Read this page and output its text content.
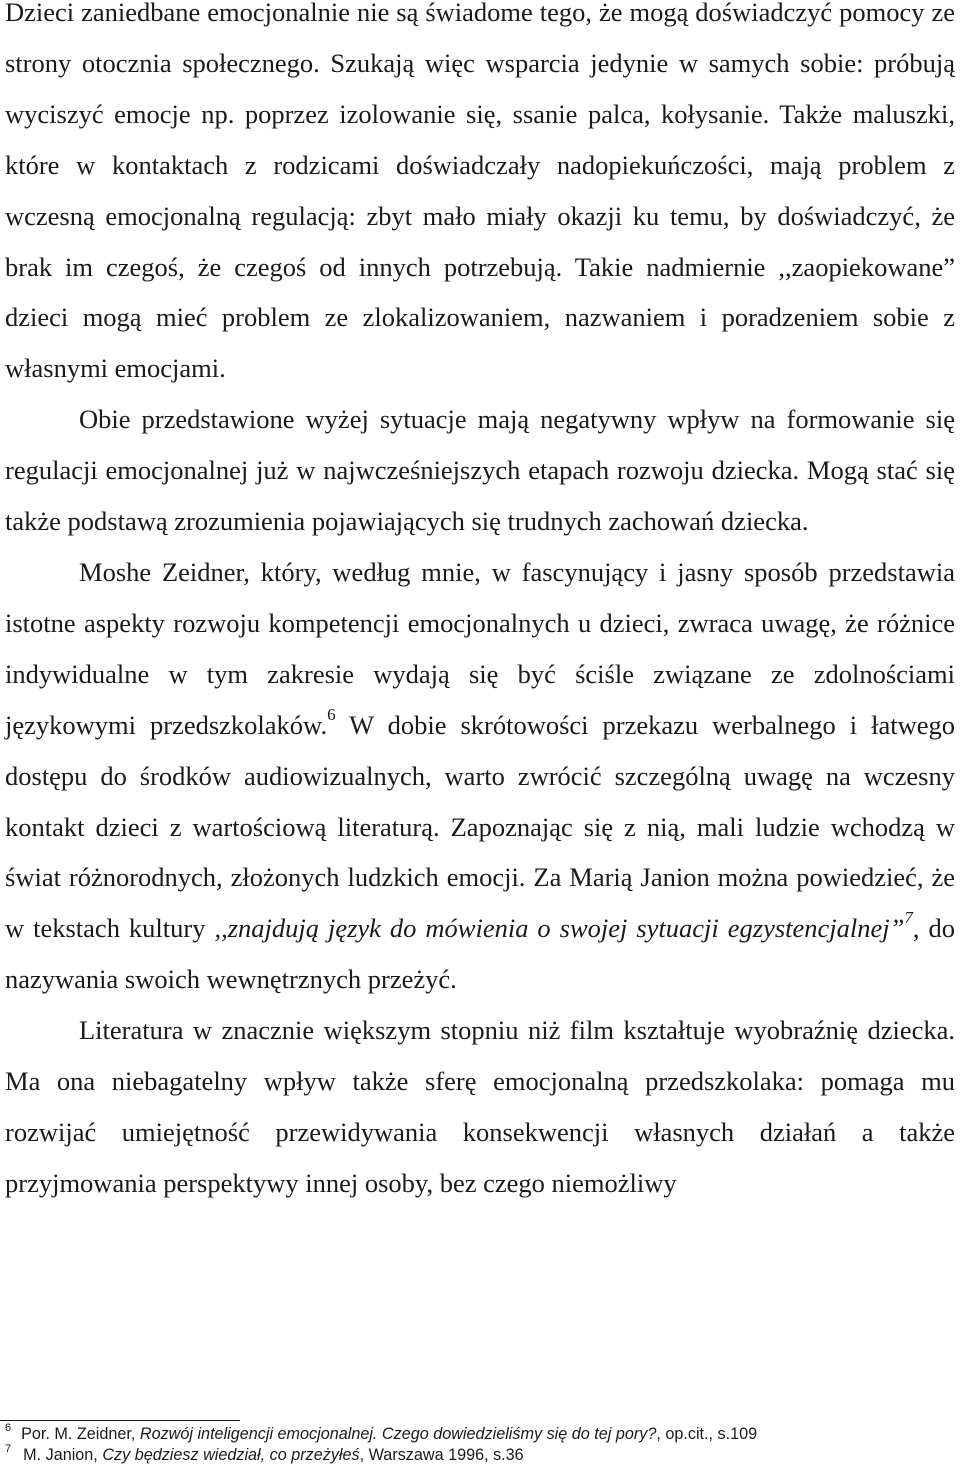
Dzieci zaniedbane emocjonalnie nie są świadome tego, że mogą doświadczyć pomocy ze strony otocznia społecznego. Szukają więc wsparcia jedynie w samych sobie: próbują wyciszyć emocje np. poprzez izolowanie się, ssanie palca, kołysanie. Także maluszki, które w kontaktach z rodzicami doświadczały nadopiekuńczości, mają problem z wczesną emocjonalną regulacją: zbyt mało miały okazji ku temu, by doświadczyć, że brak im czegoś, że czegoś od innych potrzebują. Takie nadmiernie ,,zaopiekowane” dzieci mogą mieć problem ze zlokalizowaniem, nazwaniem i poradzeniem sobie z własnymi emocjami.

Obie przedstawione wyżej sytuacje mają negatywny wpływ na formowanie się regulacji emocjonalnej już w najwcześniejszych etapach rozwoju dziecka. Mogą stać się także podstawą zrozumienia pojawiających się trudnych zachowań dziecka.

Moshe Zeidner, który, według mnie, w fascynujący i jasny sposób przedstawia istotne aspekty rozwoju kompetencji emocjonalnych u dzieci, zwraca uwagę, że różnice indywidualne w tym zakresie wydają się być ściśle związane ze zdolnościami językowymi przedszkolaków.$^6$ W dobie skrótowości przekazu werbalnego i łatwego dostępu do środków audiowizualnych, warto zwrócić szczególną uwagę na wczesny kontakt dzieci z wartościową literaturą. Zapoznając się z nią, mali ludzie wchodzą w świat różnorodnych, złożonych ludzkich emocji. Za Marią Janion można powiedzieć, że w tekstach kultury ,,znajdują język do mówienia o swojej sytuacji egzystencjalnej”$^7$, do nazywania swoich wewnętrznych przeżyć.

Literatura w znacznie większym stopniu niż film kształtuje wyobraźnię dziecka. Ma ona niebagatelny wpływ także sferę emocjonalną przedszkolaka: pomaga mu rozwijać umiejętność przewidywania konsekwencji własnych działań a także przyjmowania perspektywy innej osoby, bez czego niemożliwy

$^6$ Por. M. Zeidner, Rozwój inteligencji emocjonalnej. Czego dowiedzieliśmy się do tej pory?, op.cit., s.109
$^7$ M. Janion, Czy będziesz wiedział, co przeżyłeś, Warszawa 1996, s.36
